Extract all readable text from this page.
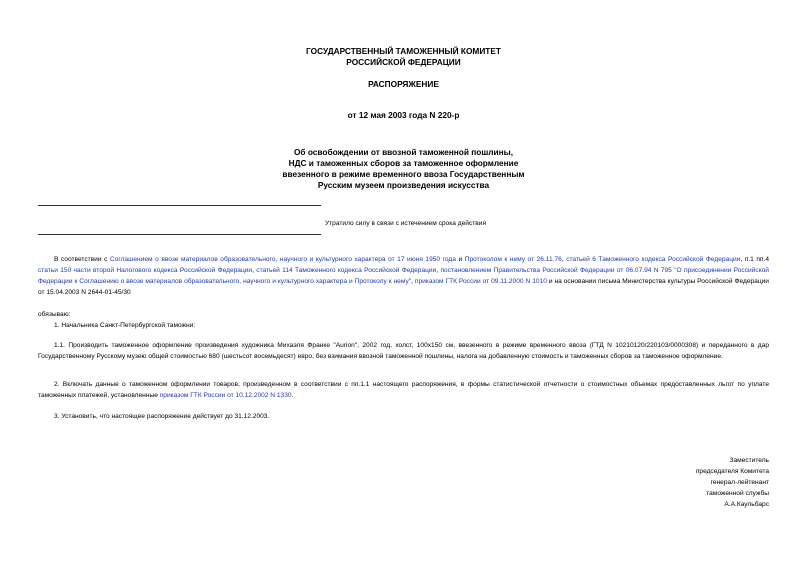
ГОСУДАРСТВЕННЫЙ ТАМОЖЕННЫЙ КОМИТЕТ
РОССИЙСКОЙ ФЕДЕРАЦИИ
РАСПОРЯЖЕНИЕ
от 12 мая 2003 года N 220-р
Об освобождении от ввозной таможенной пошлины,
НДС и таможенных сборов за таможенное оформление
ввезенного в режиме временного ввоза Государственным
Русским музеем произведения искусства
Утратило силу в связи с истечением срока действия
В соответствии с Соглашением о ввозе материалов образовательного, научного и культурного характера от 17 июня 1950 года и Протоколом к нему от 26.11.76, статьей 6 Таможенного кодекса Российской Федерации, п.1 пп.4 статьи 150 части второй Налогового кодекса Российской Федерации, статьей 114 Таможенного кодекса Российской Федерации, постановлением Правительства Российской Федерации от 06.07.94 N 795 "О присоединении Российской Федерации к Соглашению о ввозе материалов образовательного, научного и культурного характера и Протоколу к нему", приказом ГТК России от 09.11.2000 N 1010 и на основании письма Министерства культуры Российской Федерации от 15.04.2003 N 2644-01-45/30
обязываю:
1. Начальника Санкт-Петербургской таможни:
1.1. Производить таможенное оформление произведения художника Михаэля Франке "Aurion", 2002 год, холст, 100х150 см, ввезенного в режиме временного ввоза (ГТД N 10210120/220103/0000308) и переданного в дар Государственному Русскому музею общей стоимостью 680 (шестьсот восемьдесят) евро, без взимания ввозной таможенной пошлины, налога на добавленную стоимость и таможенных сборов за таможенное оформление.
2. Включать данные о таможенном оформлении товаров, произведенном в соответствии с пп.1.1 настоящего распоряжения, в формы статистической отчетности о стоимостных объемах предоставленных льгот по уплате таможенных платежей, установленные приказом ГТК России от 10.12.2002 N 1330.
3. Установить, что настоящее распоряжение действует до 31.12.2003.
Заместитель
председателя Комитета
генерал-лейтенант
таможенной службы
А.А.Каульбарс
